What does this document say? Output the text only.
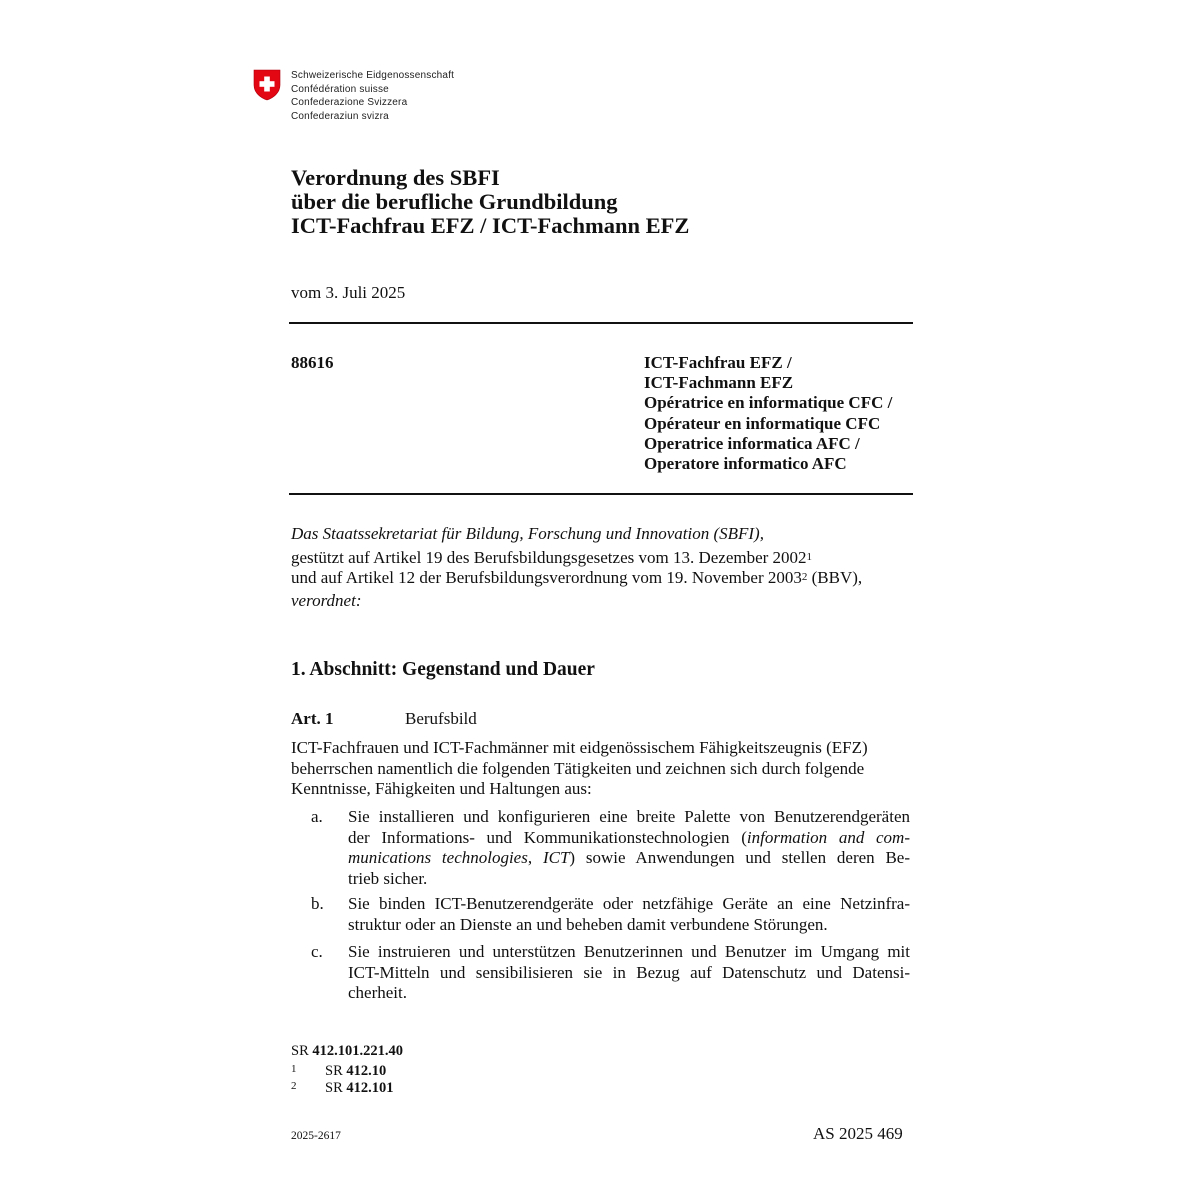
Schweizerische Eidgenossenschaft
Confédération suisse
Confederazione Svizzera
Confederaziun svizra
Verordnung des SBFI
über die berufliche Grundbildung
ICT-Fachfrau EFZ / ICT-Fachmann EFZ
vom 3. Juli 2025
88616	ICT-Fachfrau EFZ /
ICT-Fachmann EFZ
Opératrice en informatique CFC /
Opérateur en informatique CFC
Operatrice informatica AFC /
Operatore informatico AFC
Das Staatssekretariat für Bildung, Forschung und Innovation (SBFI),
gestützt auf Artikel 19 des Berufsbildungsgesetzes vom 13. Dezember 2002$^1$
und auf Artikel 12 der Berufsbildungsverordnung vom 19. November 2003$^2$ (BBV),
verordnet:
1. Abschnitt: Gegenstand und Dauer
Art. 1	Berufsbild
ICT-Fachfrauen und ICT-Fachmänner mit eidgenössischem Fähigkeitszeugnis (EFZ)
beherrschen namentlich die folgenden Tätigkeiten und zeichnen sich durch folgende
Kenntnisse, Fähigkeiten und Haltungen aus:
a. Sie installieren und konfigurieren eine breite Palette von Benutzerendgeräten
der Informations- und Kommunikationstechnologien (information and com-
munications technologies, ICT) sowie Anwendungen und stellen deren Be-
trieb sicher.
b. Sie binden ICT-Benutzerendgeräte oder netzfähige Geräte an eine Netzinfra-
struktur oder an Dienste an und beheben damit verbundene Störungen.
c. Sie instruieren und unterstützen Benutzerinnen und Benutzer im Umgang mit
ICT-Mitteln und sensibilisieren sie in Bezug auf Datenschutz und Datensi-
cherheit.
SR 412.101.221.40
1 SR 412.10
2 SR 412.101
2025-2617	AS 2025 469
